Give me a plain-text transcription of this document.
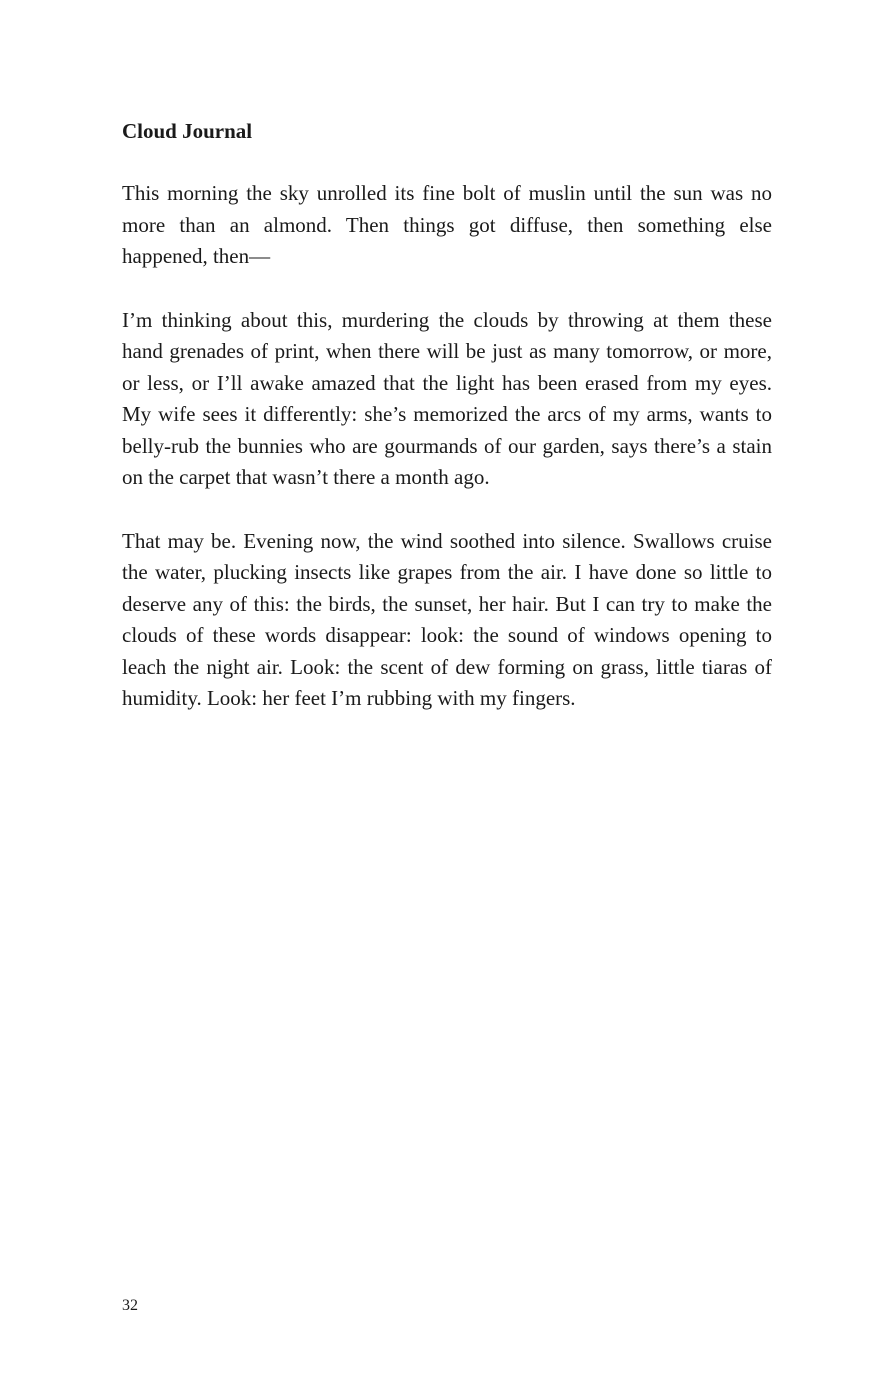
Cloud Journal

This morning the sky unrolled its fine bolt of muslin until the sun was no more than an almond. Then things got diffuse, then something else happened, then—

I’m thinking about this, murdering the clouds by throwing at them these hand grenades of print, when there will be just as many tomorrow, or more, or less, or I’ll awake amazed that the light has been erased from my eyes. My wife sees it differently: she’s memorized the arcs of my arms, wants to belly-rub the bunnies who are gourmands of our garden, says there’s a stain on the carpet that wasn’t there a month ago.

That may be. Evening now, the wind soothed into silence. Swallows cruise the water, plucking insects like grapes from the air. I have done so little to deserve any of this: the birds, the sunset, her hair. But I can try to make the clouds of these words disappear: look: the sound of windows opening to leach the night air. Look: the scent of dew forming on grass, little tiaras of humidity. Look: her feet I’m rubbing with my fingers.

32
